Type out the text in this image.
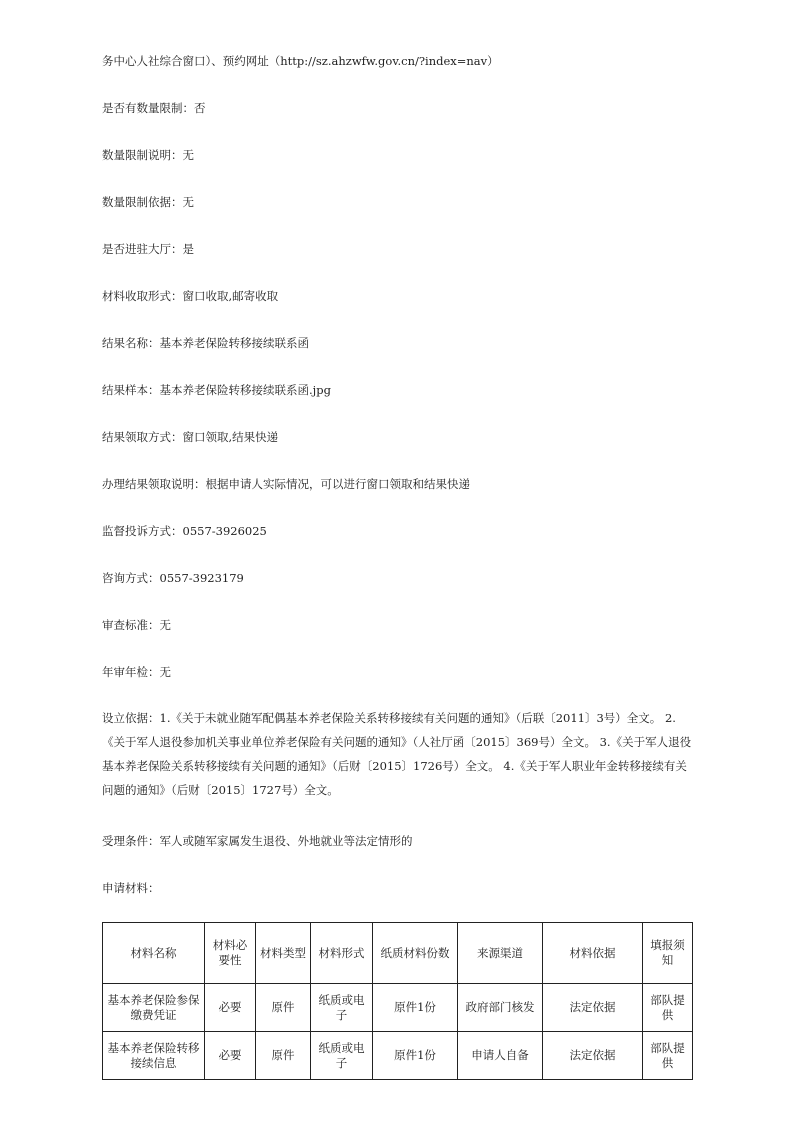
务中心人社综合窗口）、预约网址（http://sz.ahzwfw.gov.cn/?index=nav）
是否有数量限制：否
数量限制说明：无
数量限制依据：无
是否进驻大厅：是
材料收取形式：窗口收取,邮寄收取
结果名称：基本养老保险转移接续联系函
结果样本：基本养老保险转移接续联系函.jpg
结果领取方式：窗口领取,结果快递
办理结果领取说明：根据申请人实际情况，可以进行窗口领取和结果快递
监督投诉方式：0557-3926025
咨询方式：0557-3923179
审查标准：无
年审年检：无
设立依据：1.《关于未就业随军配偶基本养老保险关系转移接续有关问题的通知》（后联〔2011〕3号）全文。 2.《关于军人退役参加机关事业单位养老保险有关问题的通知》（人社厅函〔2015〕369号）全文。 3.《关于军人退役基本养老保险关系转移接续有关问题的通知》（后财〔2015〕1726号）全文。 4.《关于军人职业年金转移接续有关问题的通知》（后财〔2015〕1727号）全文。
受理条件：军人或随军家属发生退役、外地就业等法定情形的
申请材料：
材料名称	材料必要性	材料类型	材料形式	纸质材料份数	来源渠道	材料依据	填报须知
基本养老保险参保缴费凭证	必要	原件	纸质或电子	原件1份	政府部门核发	法定依据	部队提供
基本养老保险转移接续信息	必要	原件	纸质或电子	原件1份	申请人自备	法定依据	部队提供
